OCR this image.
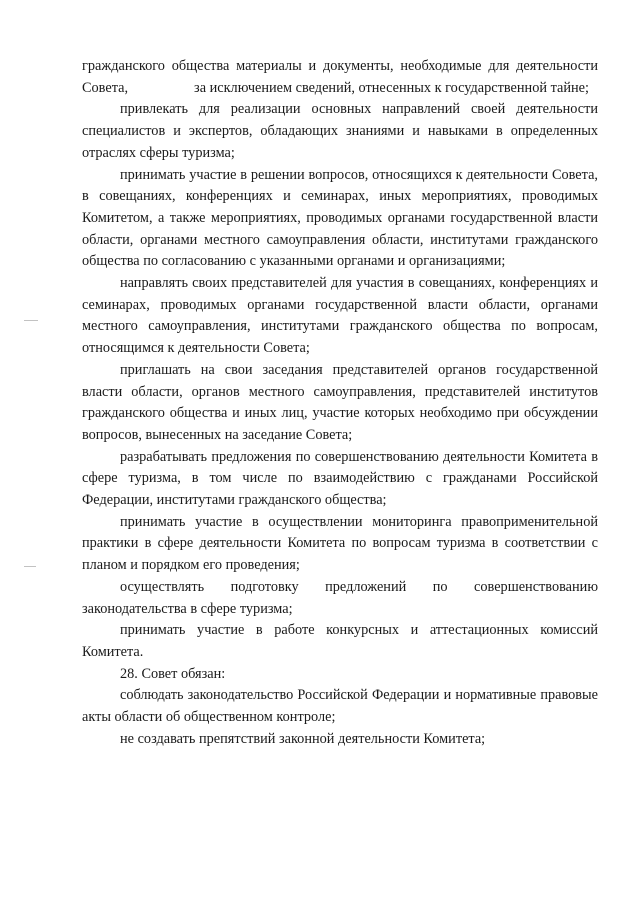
гражданского общества материалы и документы, необходимые для деятельности Совета,	за исключением сведений, отнесенных к государственной тайне;

привлекать для реализации основных направлений своей деятельности специалистов и экспертов, обладающих знаниями и навыками в определенных отраслях сферы туризма;

принимать участие в решении вопросов, относящихся к деятельности Совета, в совещаниях, конференциях и семинарах, иных мероприятиях, проводимых Комитетом, а также мероприятиях, проводимых органами государственной власти области, органами местного самоуправления области, институтами гражданского общества по согласованию с указанными органами и организациями;

направлять своих представителей для участия в совещаниях, конференциях и семинарах, проводимых органами государственной власти области, органами местного самоуправления, институтами гражданского общества по вопросам, относящимся к деятельности Совета;

приглашать на свои заседания представителей органов государственной власти области, органов местного самоуправления, представителей институтов гражданского общества и иных лиц, участие которых необходимо при обсуждении вопросов, вынесенных на заседание Совета;

разрабатывать предложения по совершенствованию деятельности Комитета в сфере туризма, в том числе по взаимодействию с гражданами Российской Федерации, институтами гражданского общества;

принимать участие в осуществлении мониторинга правоприменительной практики в сфере деятельности Комитета по вопросам туризма в соответствии с планом и порядком его проведения;

осуществлять подготовку предложений по совершенствованию законодательства в сфере туризма;

принимать участие в работе конкурсных и аттестационных комиссий Комитета.

28. Совет обязан:

соблюдать законодательство Российской Федерации и нормативные правовые акты области об общественном контроле;

не создавать препятствий законной деятельности Комитета;
